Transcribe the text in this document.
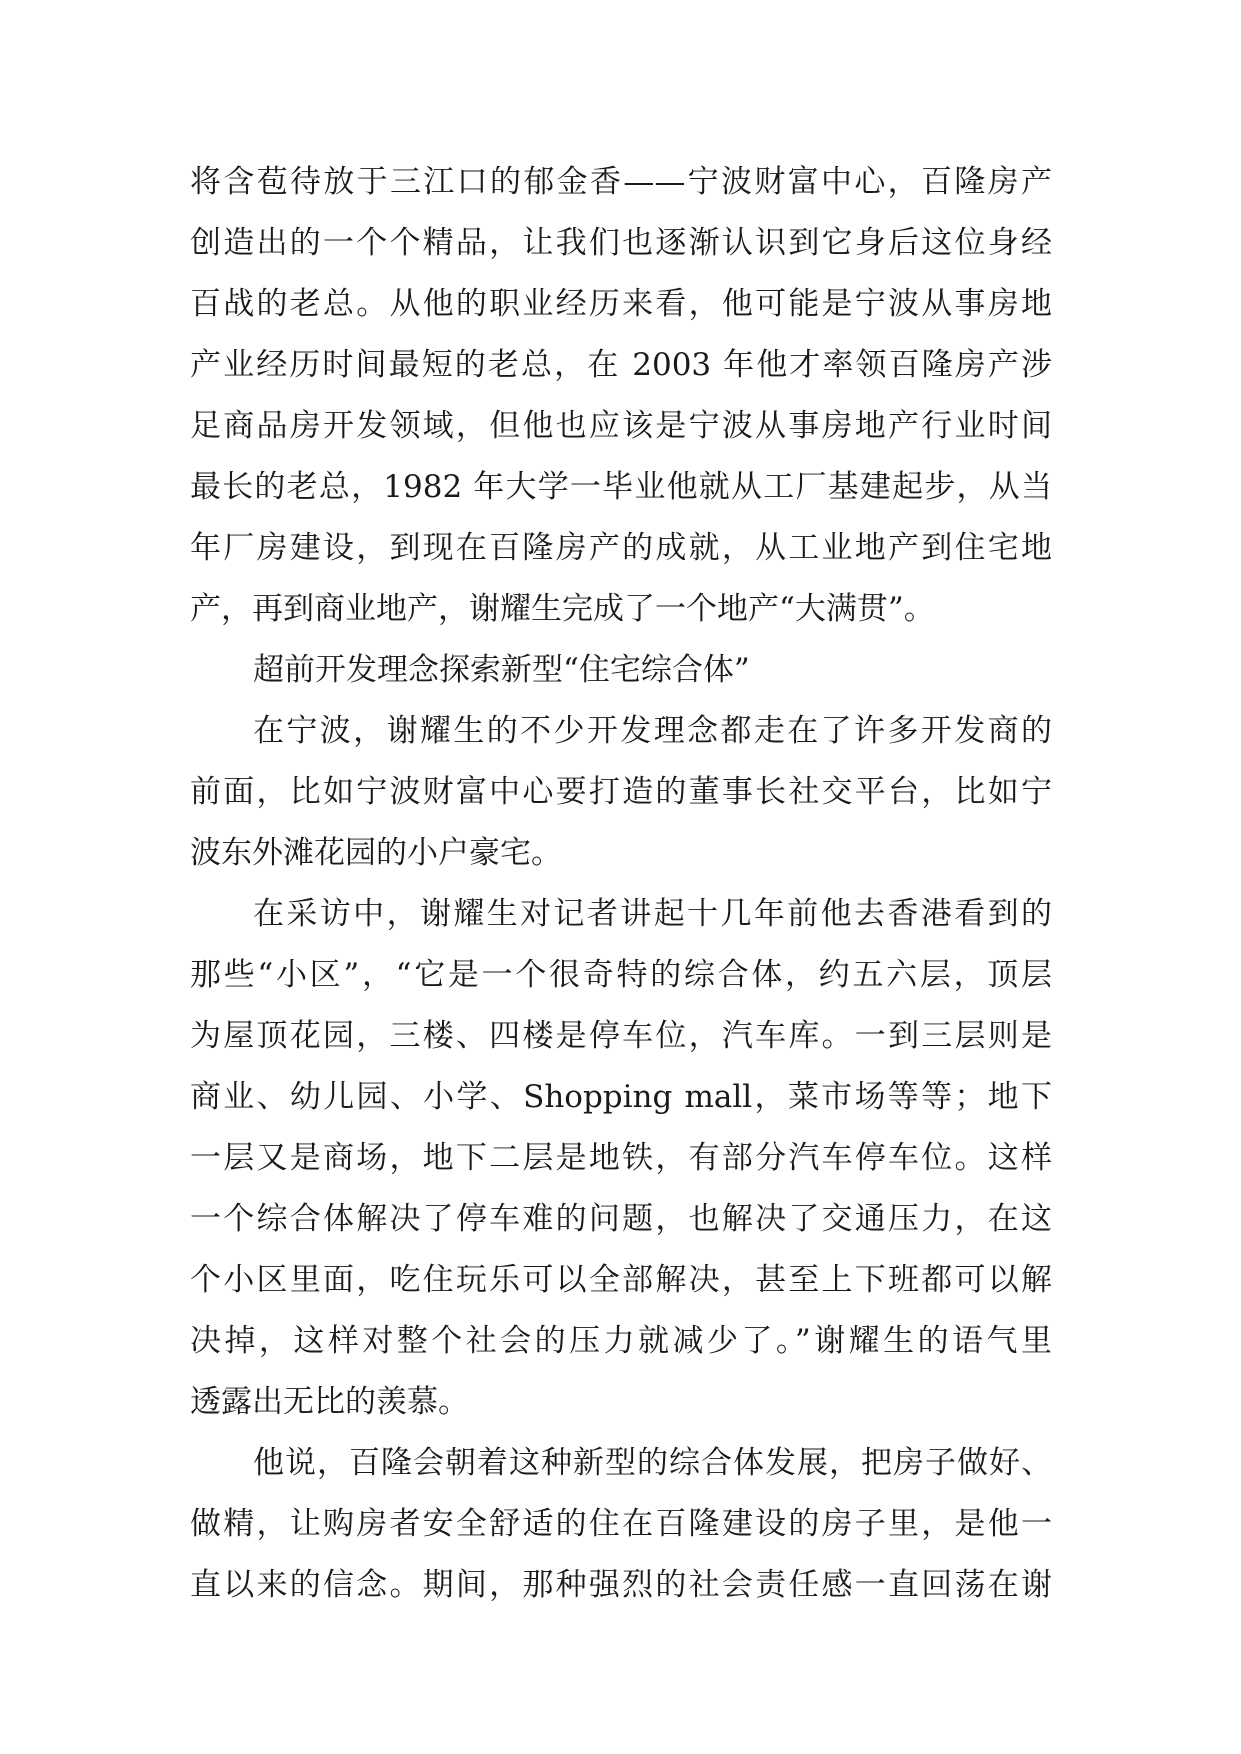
将含苞待放于三江口的郁金香——宁波财富中心，百隆房产
创造出的一个个精品，让我们也逐渐认识到它身后这位身经
百战的老总。从他的职业经历来看，他可能是宁波从事房地
产业经历时间最短的老总，在 2003 年他才率领百隆房产涉
足商品房开发领域，但他也应该是宁波从事房地产行业时间
最长的老总，1982 年大学一毕业他就从工厂基建起步，从当
年厂房建设，到现在百隆房产的成就，从工业地产到住宅地
产，再到商业地产，谢耀生完成了一个地产“大满贯”。
超前开发理念探索新型“住宅综合体”
在宁波，谢耀生的不少开发理念都走在了许多开发商的
前面，比如宁波财富中心要打造的董事长社交平台，比如宁
波东外滩花园的小户豪宅。
在采访中，谢耀生对记者讲起十几年前他去香港看到的
那些“小区”，“它是一个很奇特的综合体，约五六层，顶层
为屋顶花园，三楼、四楼是停车位，汽车库。一到三层则是
商业、幼儿园、小学、Shopping mall，菜市场等等；地下
一层又是商场，地下二层是地铁，有部分汽车停车位。这样
一个综合体解决了停车难的问题，也解决了交通压力，在这
个小区里面，吃住玩乐可以全部解决，甚至上下班都可以解
决掉，这样对整个社会的压力就减少了。”谢耀生的语气里
透露出无比的羡慕。
他说，百隆会朝着这种新型的综合体发展，把房子做好、
做精，让购房者安全舒适的住在百隆建设的房子里，是他一
直以来的信念。期间，那种强烈的社会责任感一直回荡在谢
